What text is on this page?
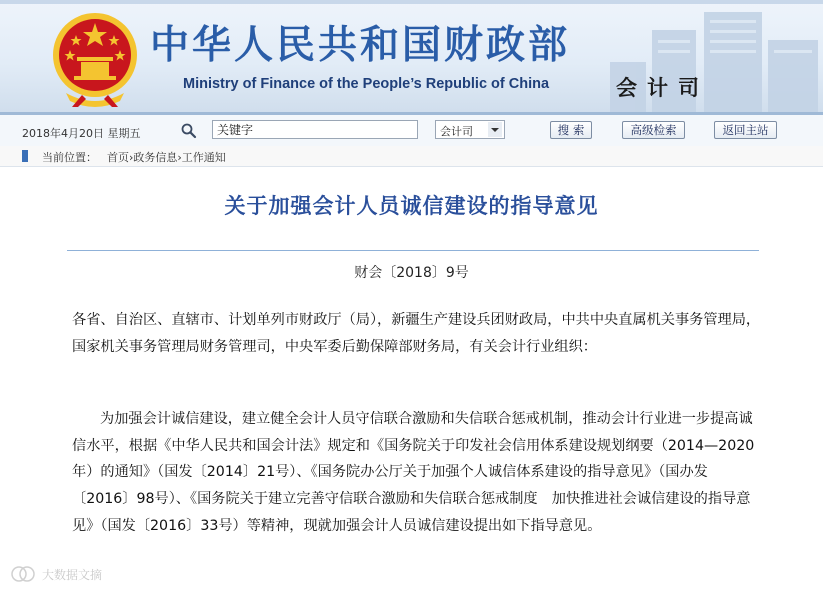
中华人民共和国财政部
Ministry of Finance of the People’s Republic of China	会计司
2018年4月20日 星期五
关键字	会计司	搜 索	高级检索	返回主站
当前位置： 首页›政务信息›工作通知
关于加强会计人员诚信建设的指导意见
财会〔2018〕9号
各省、自治区、直辖市、计划单列市财政厅（局），新疆生产建设兵团财政局，中共中央直属机关事务管理局，国家机关事务管理局财务管理司，中央军委后勤保障部财务局，有关会计行业组织：
为加强会计诚信建设，建立健全会计人员守信联合激励和失信联合惩戒机制，推动会计行业进一步提高诚信水平，根据《中华人民共和国会计法》规定和《国务院关于印发社会信用体系建设规划纲要（2014—2020年）的通知》（国发〔2014〕21号）、《国务院办公厅关于加强个人诚信体系建设的指导意见》（国办发〔2016〕98号）、《国务院关于建立完善守信联合激励和失信联合惩戒制度　加快推进社会诚信建设的指导意见》（国发〔2016〕33号）等精神，现就加强会计人员诚信建设提出如下指导意见。
大数据文摘
